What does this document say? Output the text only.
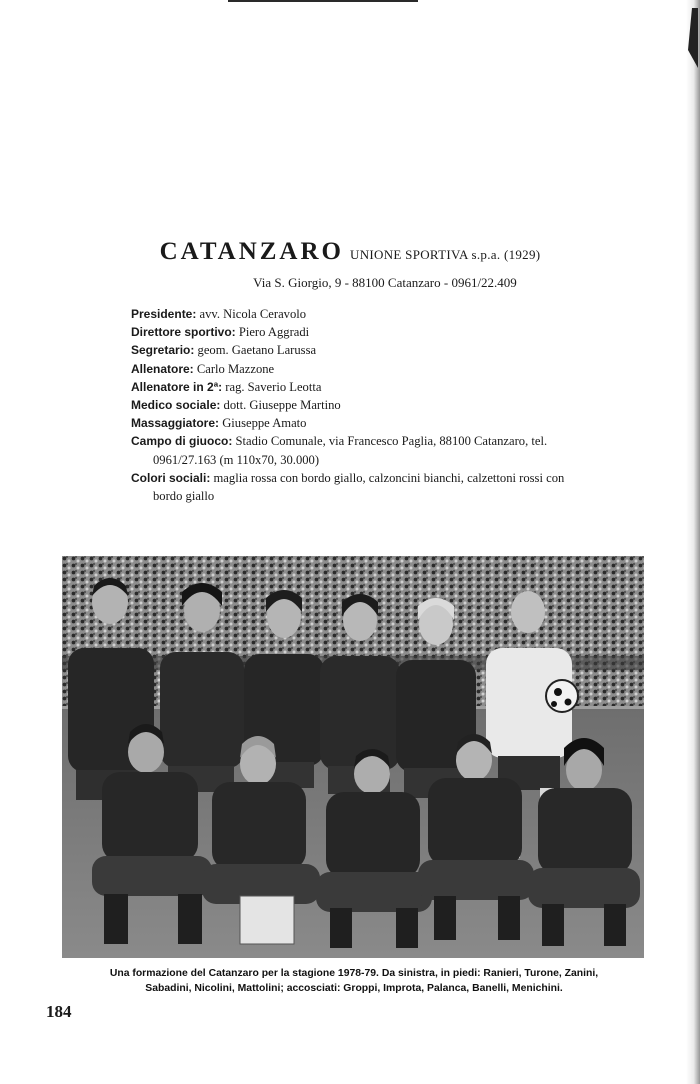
CATANZARO UNIONE SPORTIVA s.p.a. (1929)
Via S. Giorgio, 9 - 88100 Catanzaro - 0961/22.409
Presidente: avv. Nicola Ceravolo
Direttore sportivo: Piero Aggradi
Segretario: geom. Gaetano Larussa
Allenatore: Carlo Mazzone
Allenatore in 2ª: rag. Saverio Leotta
Medico sociale: dott. Giuseppe Martino
Massaggiatore: Giuseppe Amato
Campo di giuoco: Stadio Comunale, via Francesco Paglia, 88100 Catanzaro, tel.
0961/27.163 (m 110x70, 30.000)
Colori sociali: maglia rossa con bordo giallo, calzoncini bianchi, calzettoni rossi con
bordo giallo
Una formazione del Catanzaro per la stagione 1978-79. Da sinistra, in piedi: Ranieri, Turone, Zanini,
Sabadini, Nicolini, Mattolini; accosciati: Groppi, Improta, Palanca, Banelli, Menichini.
184
